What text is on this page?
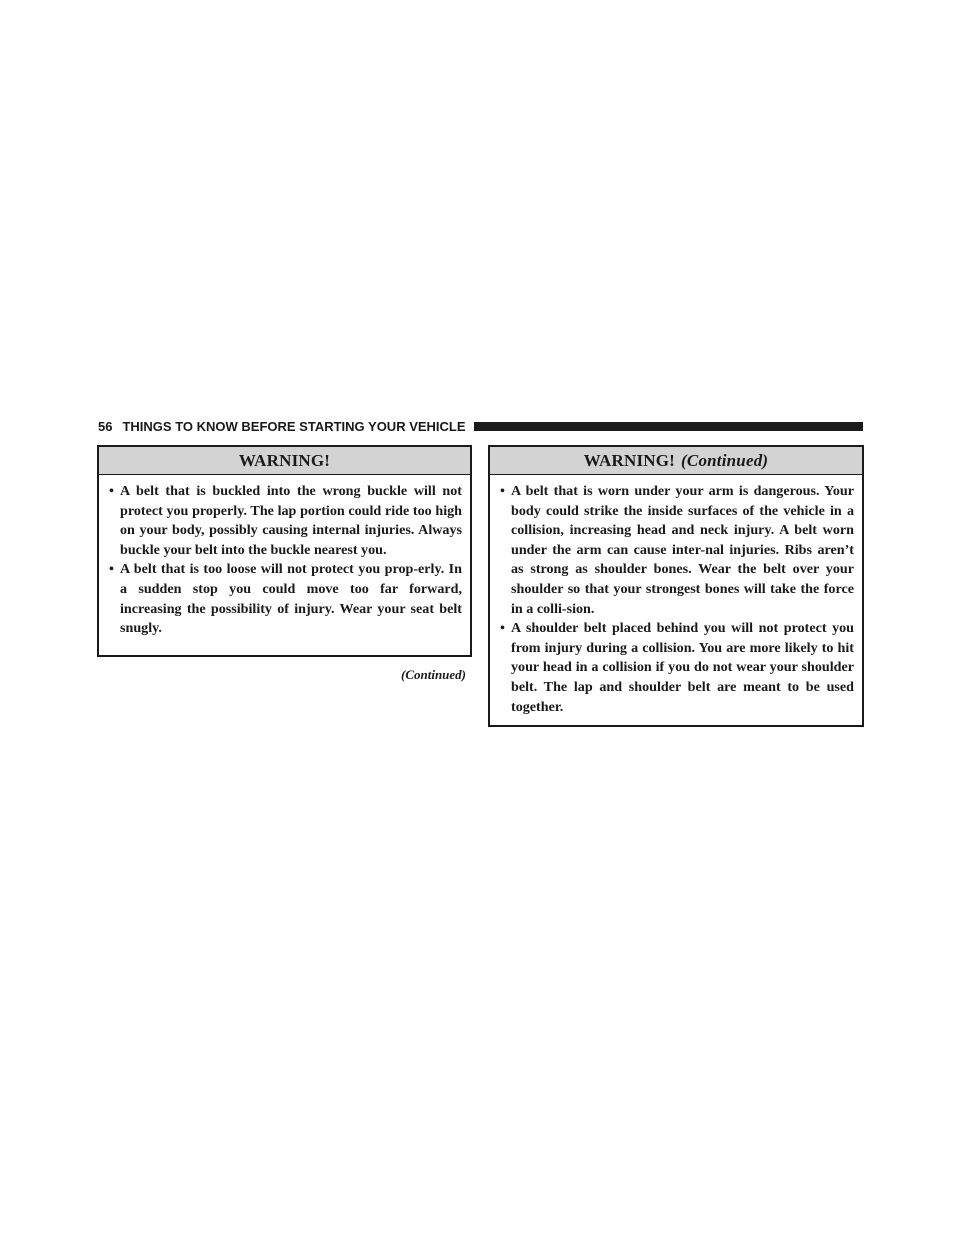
56 THINGS TO KNOW BEFORE STARTING YOUR VEHICLE
WARNING!
• A belt that is buckled into the wrong buckle will not protect you properly. The lap portion could ride too high on your body, possibly causing internal injuries. Always buckle your belt into the buckle nearest you.
• A belt that is too loose will not protect you prop-erly. In a sudden stop you could move too far forward, increasing the possibility of injury. Wear your seat belt snugly.
(Continued)
WARNING! (Continued)
• A belt that is worn under your arm is dangerous. Your body could strike the inside surfaces of the vehicle in a collision, increasing head and neck injury. A belt worn under the arm can cause inter-nal injuries. Ribs aren’t as strong as shoulder bones. Wear the belt over your shoulder so that your strongest bones will take the force in a colli-sion.
• A shoulder belt placed behind you will not protect you from injury during a collision. You are more likely to hit your head in a collision if you do not wear your shoulder belt. The lap and shoulder belt are meant to be used together.
